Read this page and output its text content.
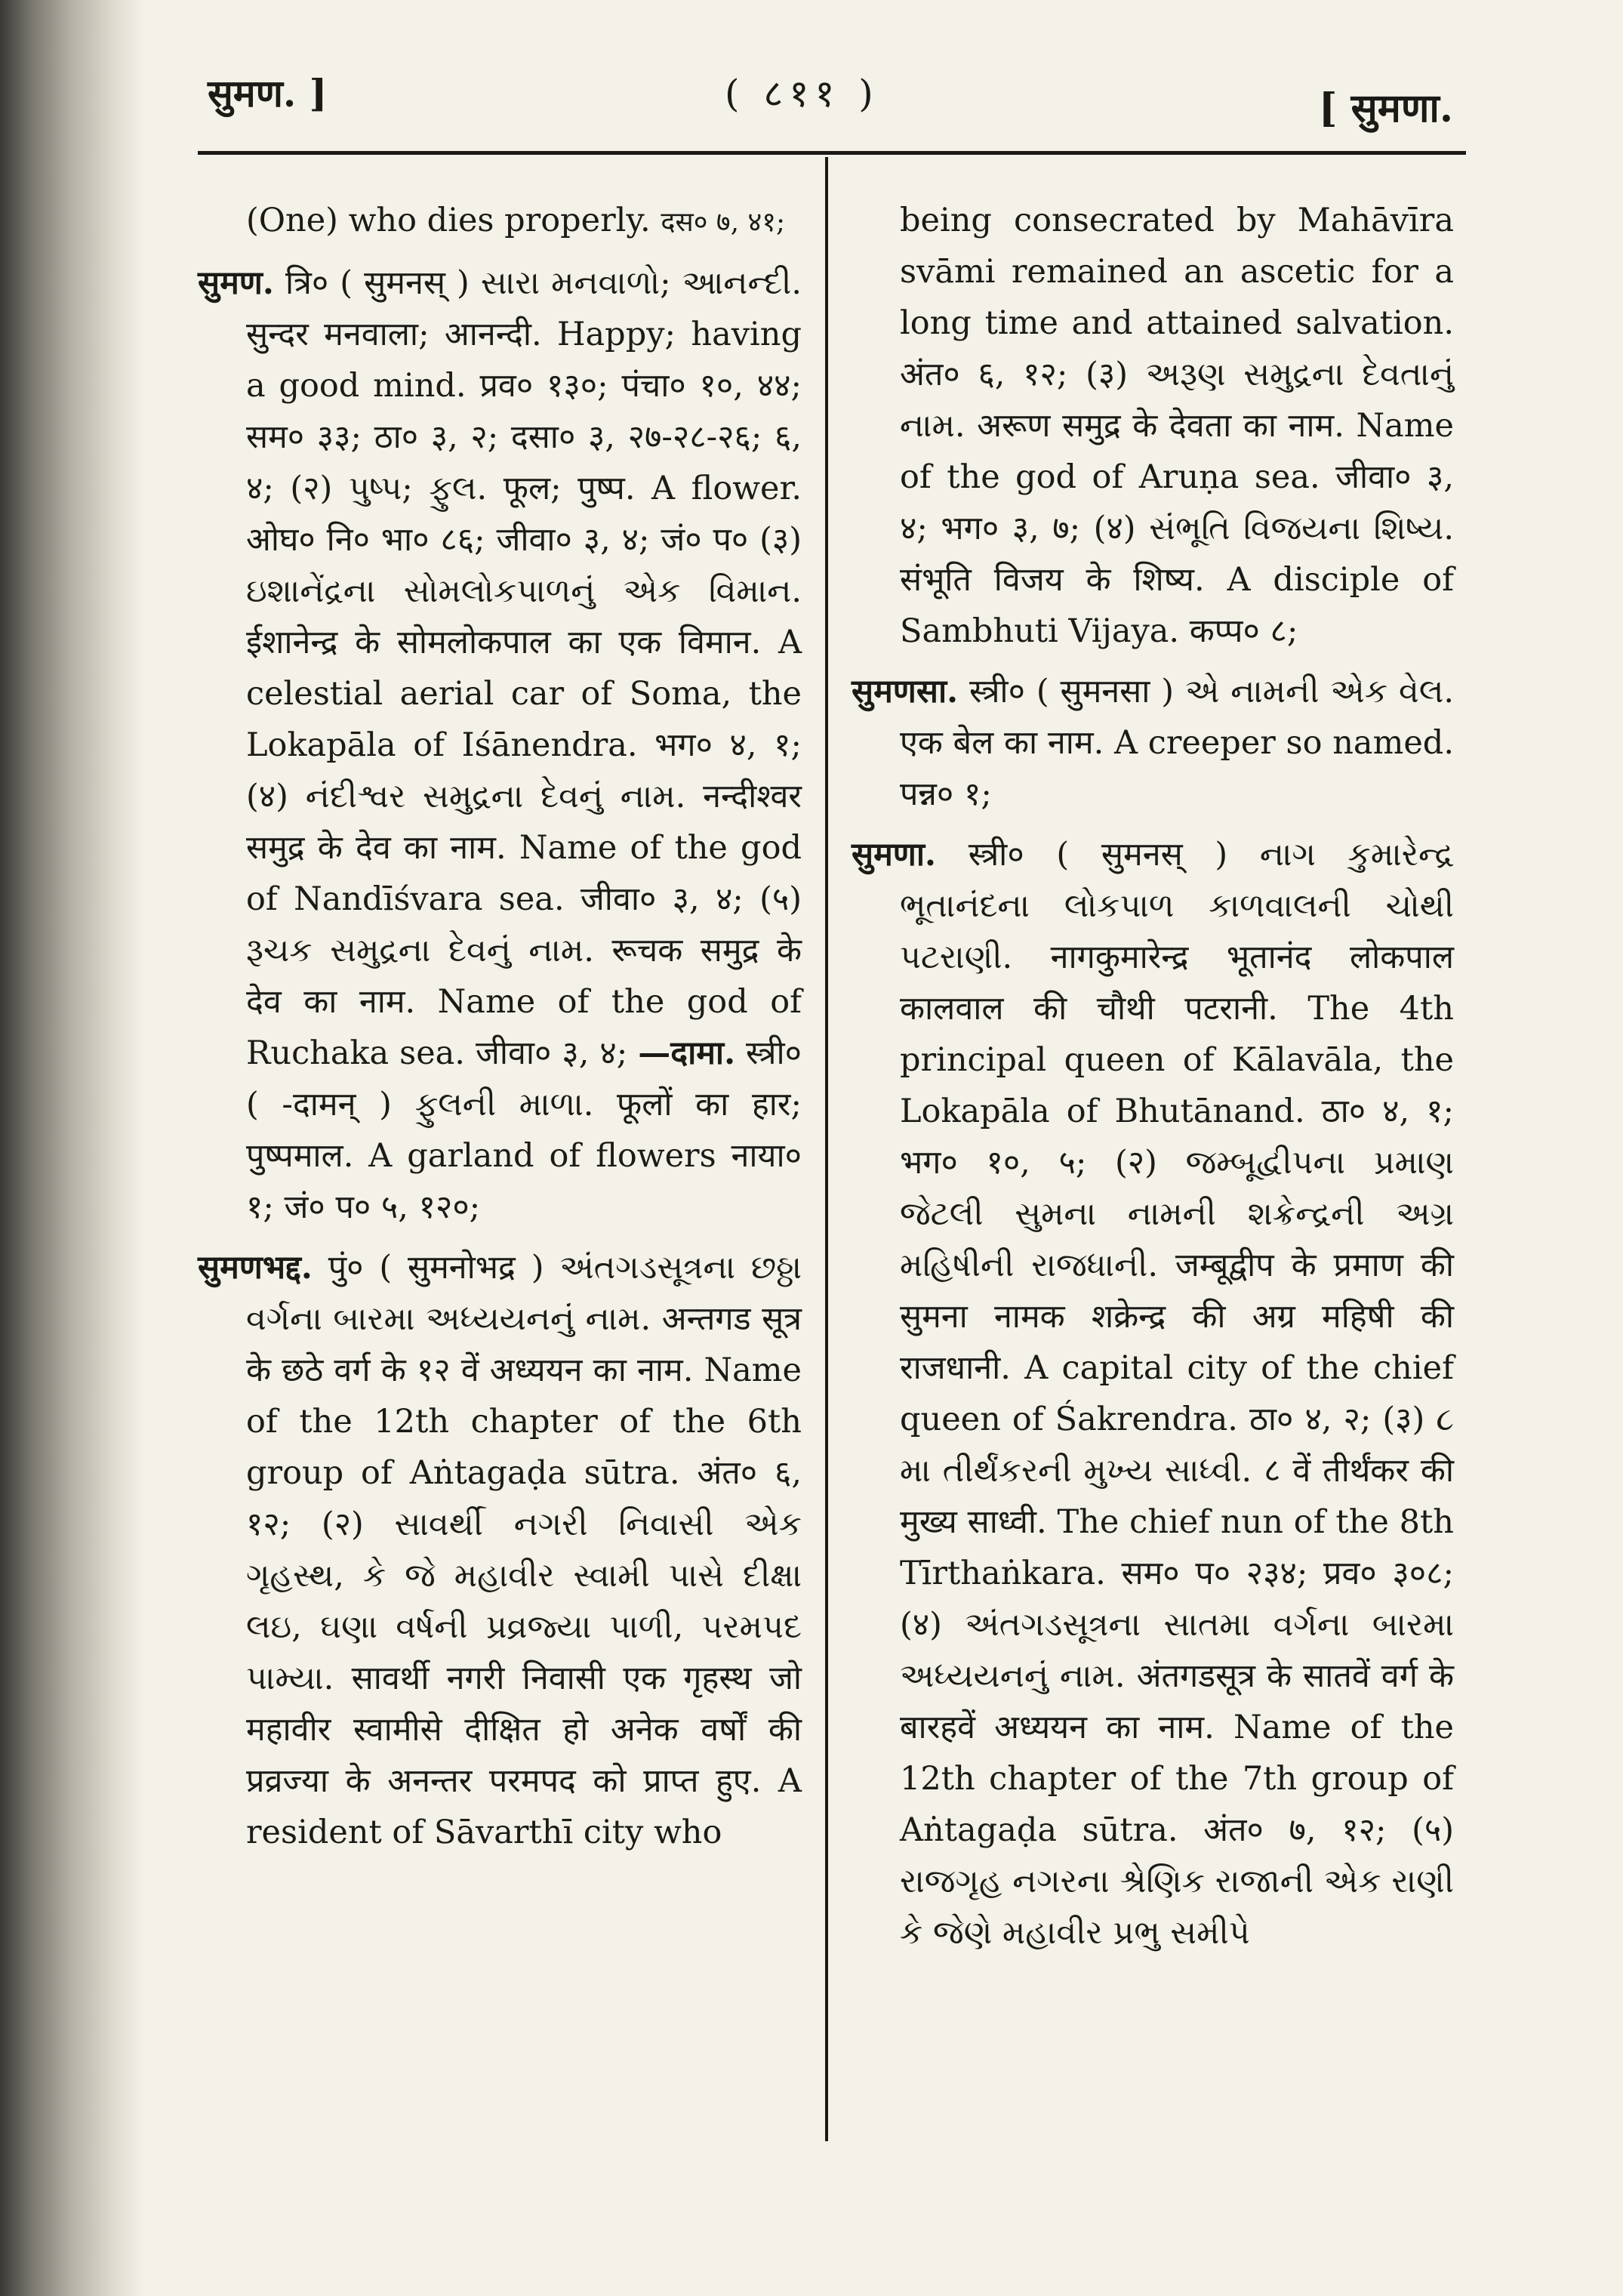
सुमण. ]	( ८११ )	[ सुमणा.

(One) who dies properly. दस० ७, ४१;

सुमण. त्रि० ( सुमनस् ) સારા મનવાળો; આનન્દી. सुन्दर मनवाला; आनन्दी. Happy; having a good mind. प्रव० १३०; पंचा० १०, ४४; सम० ३३; ठा० ३, २; दसा० ३, २७-२८-२६; ६, ४; (२) પુષ્પ; ફુલ. फूल; पुष्प. A flower. ओघ० नि० भा० ८६; जीवा० ३, ४; जं० प० (३) ઇશાનેંદ્રના સોમલોકપાળનું એક વિમાન. ईशानेन्द्र के सोमलोकपाल का एक विमान. A celestial aerial car of Soma, the Lokapāla of Iśānendra. भग० ४, १; (४) નંદીશ્વર સમુદ્રના દેવનું નામ. नन्दीश्वर समुद्र के देव का नाम. Name of the god of Nandīśvara sea. जीवा० ३, ४; (५) રૂચક સમુદ્રના દેવનું નામ. रूचक समुद्र के देव का नाम. Name of the god of Ruchaka sea. जीवा० ३, ४; —दामा. स्त्री० ( -दामन् ) ફુલની માળા. फूलों का हार; पुष्पमाल. A garland of flowers नाया० १; जं० प० ५, १२०;

सुमणभद्द. पुं० ( सुमनोभद्र ) અંતગડસૂત્રના છઠ્ઠા વર્ગના બારમા અધ્યયનનું નામ. अन्तगड सूत्र के छठे वर्ग के १२ वें अध्ययन का नाम. Name of the 12th chapter of the 6th group of Aṅtagaḍa sūtra. अंत० ६, १२; (२) સાવર્થી નગરી નિવાસી એક ગૃહસ્થ, કે જે મહાવીર સ્વામી પાસે દીક્ષા લઇ, ઘણા વર્ષની પ્રવ્રજ્યા પાળી, પરમપદ પામ્યા. सावर्थी नगरी निवासी एक गृहस्थ जो महावीर स्वामीसे दीक्षित हो अनेक वर्षों की प्रव्रज्या के अनन्तर परमपद को प्राप्त हुए. A resident of Sāvarthī city who

being consecrated by Mahāvīra svāmi remained an ascetic for a long time and attained salvation. अंत० ६, १२; (३) અરૂણ સમુદ્રના દેવતાનું નામ. अरूण समुद्र के देवता का नाम. Name of the god of Aruṇa sea. जीवा० ३, ४; भग० ३, ७; (४) સંભૂતિ વિજયના શિષ્ય. संभूति विजय के शिष्य. A disciple of Sambhuti Vijaya. कप्प० ८;

सुमणसा. स्त्री० ( सुमनसा ) એ નામની એક વેલ. एक बेल का नाम. A creeper so named. पन्न० १;

सुमणा. स्त्री० ( सुमनस् ) નાગ કુમારેન્દ્ર ભૂતાનંદના લોકપાળ કાળવાલની ચોથી પટરાણી. नागकुमारेन्द्र भूतानंद लोकपाल कालवाल की चौथी पटरानी. The 4th principal queen of Kālavāla, the Lokapāla of Bhutānand. ठा० ४, १; भग० १०, ५; (२) જમ્બૂદ્વીપના પ્રમાણ જેટલી સુમના નામની શક્રેન્દ્રની અગ્ર મહિષીની રાજધાની. जम्बूद्वीप के प्रमाण की सुमना नामक शक्रेन्द्र की अग्र महिषी की राजधानी. A capital city of the chief queen of Śakrendra. ठा० ४, २; (३) ૮ મા તીર્થંકરની મુખ્ય સાધ્વી. ८ वें तीर्थंकर की मुख्य साध्वी. The chief nun of the 8th Tīrthaṅkara. सम० प० २३४; प्रव० ३०८; (४) અંતગડસૂત્રના સાતમા વર્ગના બારમા અધ્યયનનું નામ. अंतगडसूत्र के सातवें वर्ग के बारहवें अध्ययन का नाम. Name of the 12th chapter of the 7th group of Aṅtagaḍa sūtra. अंत० ७, १२; (५) રાજગૃહ નગરના શ્રેણિક રાજાની એક રાણી કે જેણે મહાવીર પ્રભુ સમીપે
